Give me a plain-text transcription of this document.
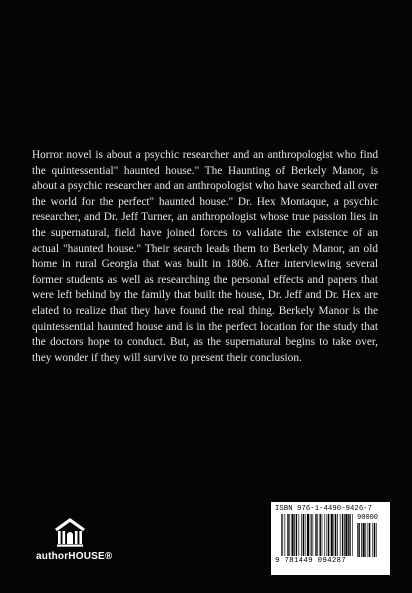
Horror novel is about a psychic researcher and an anthropologist who find the quintessential" haunted house." The Haunting of Berkely Manor, is about a psychic researcher and an anthropologist who have searched all over the world for the perfect" haunted house." Dr. Hex Montaque, a psychic researcher, and Dr. Jeff Turner, an anthropologist whose true passion lies in the supernatural, field have joined forces to validate the existence of an actual "haunted house." Their search leads them to Berkely Manor, an old home in rural Georgia that was built in 1806. After interviewing several former students as well as researching the personal effects and papers that were left behind by the family that built the house, Dr. Jeff and Dr. Hex are elated to realize that they have found the real thing. Berkely Manor is the quintessential haunted house and is in the perfect location for the study that the doctors hope to conduct. But, as the supernatural begins to take over, they wonder if they will survive to present their conclusion.

authorHOUSE®
ISBN 976-1-4490-9426-7
90000
9 781449 094287
